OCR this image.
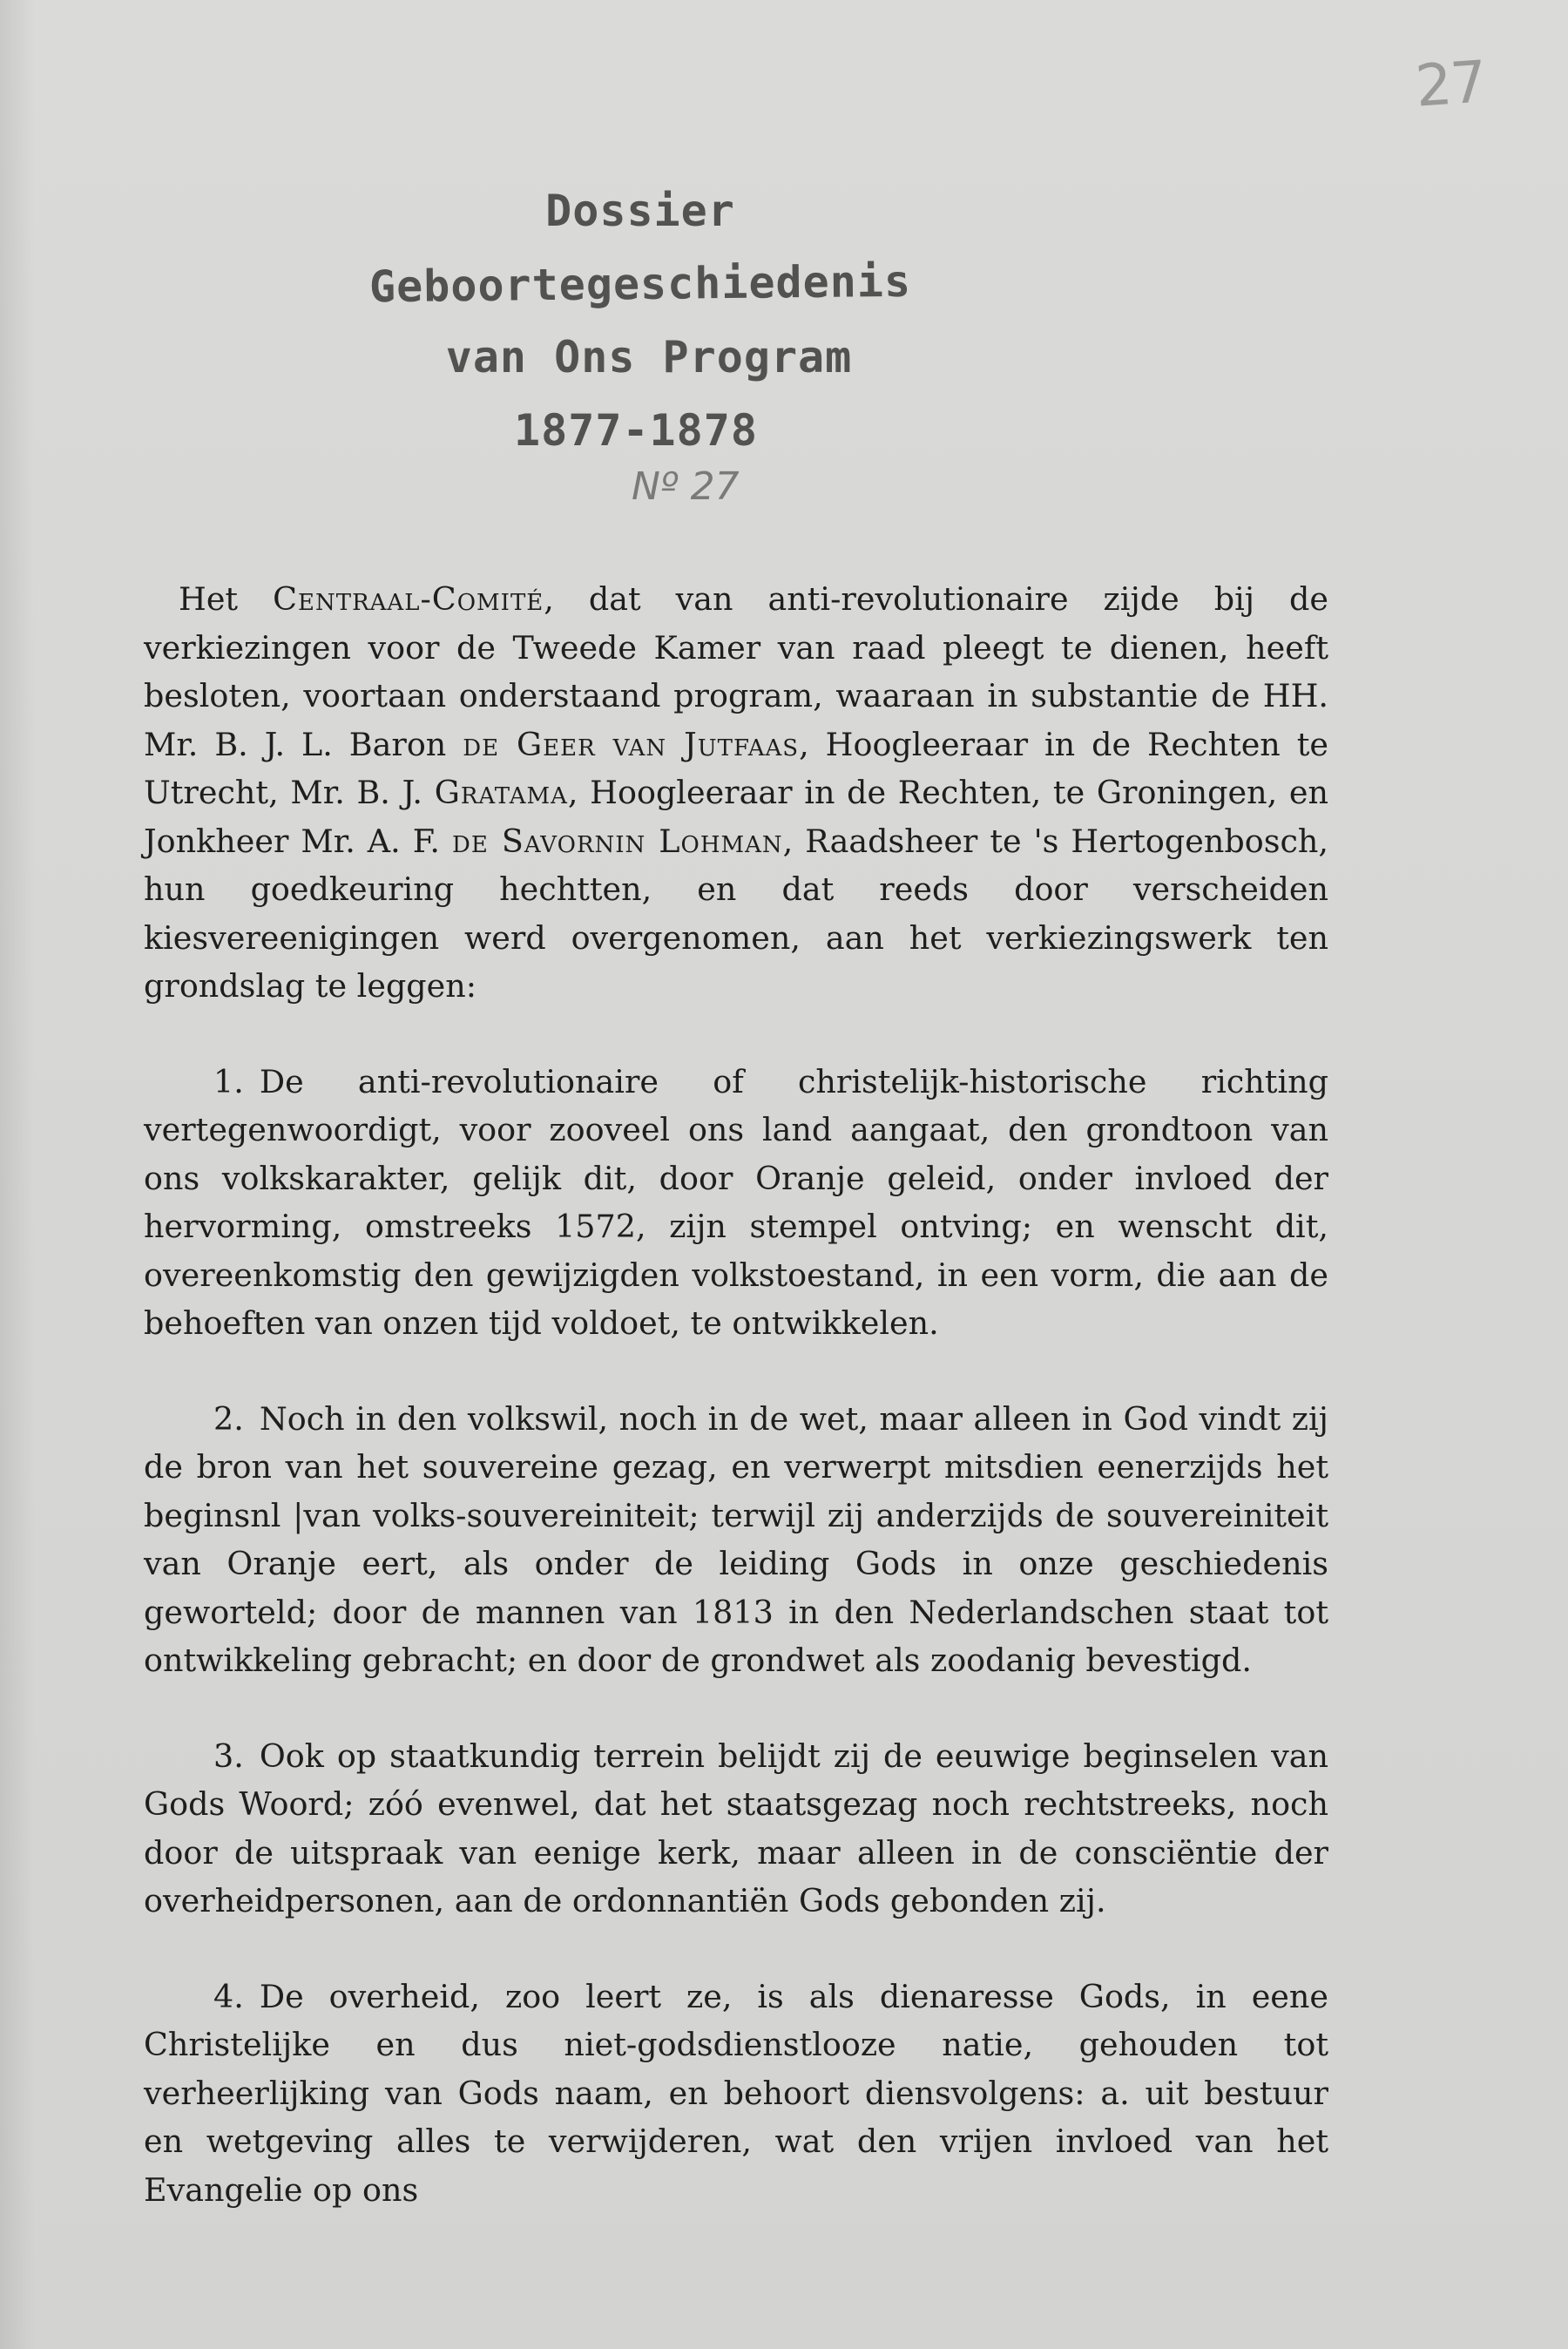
27
Dossier
Geboortegeschiedenis
van Ons Program
1877-1878
Nº 27

Het Centraal-Comité, dat van anti-revolutionaire zijde bij de verkiezingen voor de Tweede Kamer van raad pleegt te dienen, heeft besloten, voortaan onderstaand program, waaraan in substantie de HH. Mr. B. J. L. Baron de Geer van Jutfaas, Hoogleeraar in de Rechten te Utrecht, Mr. B. J. Gratama, Hoogleeraar in de Rechten, te Groningen, en Jonkheer Mr. A. F. de Savornin Lohman, Raadsheer te 's Hertogenbosch, hun goedkeuring hechtten, en dat reeds door verscheiden kiesvereenigingen werd overgenomen, aan het verkiezingswerk ten grondslag te leggen:

1. De anti-revolutionaire of christelijk-historische richting vertegenwoordigt, voor zooveel ons land aangaat, den grondtoon van ons volkskarakter, gelijk dit, door Oranje geleid, onder invloed der hervorming, omstreeks 1572, zijn stempel ontving; en wenscht dit, overeenkomstig den gewijzigden volkstoestand, in een vorm, die aan de behoeften van onzen tijd voldoet, te ontwikkelen.

2. Noch in den volkswil, noch in de wet, maar alleen in God vindt zij de bron van het souvereine gezag, en verwerpt mitsdien eenerzijds het beginsnl |van volks-souvereiniteit; terwijl zij anderzijds de souvereiniteit van Oranje eert, als onder de leiding Gods in onze geschiedenis geworteld; door de mannen van 1813 in den Nederlandschen staat tot ontwikkeling gebracht; en door de grondwet als zoodanig bevestigd.

3. Ook op staatkundig terrein belijdt zij de eeuwige beginselen van Gods Woord; zóó evenwel, dat het staatsgezag noch rechtstreeks, noch door de uitspraak van eenige kerk, maar alleen in de consciëntie der overheidpersonen, aan de ordonnantiën Gods gebonden zij.

4. De overheid, zoo leert ze, is als dienaresse Gods, in eene Christelijke en dus niet-godsdienstlooze natie, gehouden tot verheerlijking van Gods naam, en behoort diensvolgens: a. uit bestuur en wetgeving alles te verwijderen, wat den vrijen invloed van het Evangelie op ons
